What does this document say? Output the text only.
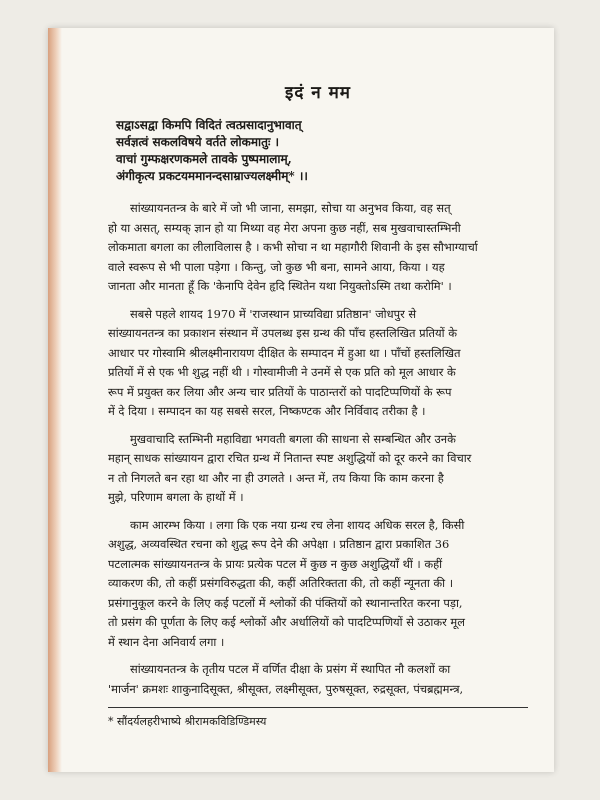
इदं न मम
सद्वाऽसद्वा किमपि विदितं त्वत्प्रसादानुभावात्
सर्वज्ञत्वं सकलविषये वर्तते लोकमातुः ।
वाचां गुम्फक्षरणकमले तावके पुष्पमालाम्,
अंगीकृत्य प्रकटयममानन्दसाम्राज्यलक्ष्मीम्* ।।
सांख्यायनतन्त्र के बारे में जो भी जाना, समझा, सोचा या अनुभव किया, वह सत्
हो या असत्, सम्यक् ज्ञान हो या मिथ्या वह मेरा अपना कुछ नहीं, सब मुखवाचास्तम्भिनी
लोकमाता बगला का लीलाविलास है । कभी सोचा न था महागौरी शिवानी के इस सौभाग्यार्चा
वाले स्वरूप से भी पाला पड़ेगा । किन्तु, जो कुछ भी बना, सामने आया, किया । यह
जानता और मानता हूँ कि 'केनापि देवेन हृदि स्थितेन यथा नियुक्तोऽस्मि तथा करोमि' ।
सबसे पहले शायद 1970 में 'राजस्थान प्राच्यविद्या प्रतिष्ठान' जोधपुर से
सांख्यायनतन्त्र का प्रकाशन संस्थान में उपलब्ध इस ग्रन्थ की पाँच हस्तलिखित प्रतियों के
आधार पर गोस्वामि श्रीलक्ष्मीनारायण दीक्षित के सम्पादन में हुआ था । पाँचों हस्तलिखित
प्रतियों में से एक भी शुद्ध नहीं थी । गोस्वामीजी ने उनमें से एक प्रति को मूल आधार के
रूप में प्रयुक्त कर लिया और अन्य चार प्रतियों के पाठान्तरों को पादटिप्पणियों के रूप
में दे दिया । सम्पादन का यह सबसे सरल, निष्कण्टक और निर्विवाद तरीका है ।
मुखवाचादि स्तम्भिनी महाविद्या भगवती बगला की साधना से सम्बन्धित और उनके
महान् साधक सांख्यायन द्वारा रचित ग्रन्थ में नितान्त स्पष्ट अशुद्धियों को दूर करने का विचार
न तो निगलते बन रहा था और ना ही उगलते । अन्त में, तय किया कि काम करना है
मुझे, परिणाम बगला के हाथों में ।
काम आरम्भ किया । लगा कि एक नया ग्रन्थ रच लेना शायद अधिक सरल है, किसी
अशुद्ध, अव्यवस्थित रचना को शुद्ध रूप देने की अपेक्षा । प्रतिष्ठान द्वारा प्रकाशित 36
पटलात्मक सांख्यायनतन्त्र के प्रायः प्रत्येक पटल में कुछ न कुछ अशुद्धियाँ थीं । कहीं
व्याकरण की, तो कहीं प्रसंगविरुद्धता की, कहीं अतिरिक्तता की, तो कहीं न्यूनता की ।
प्रसंगानुकूल करने के लिए कई पटलों में श्लोकों की पंक्तियों को स्थानान्तरित करना पड़ा,
तो प्रसंग की पूर्णता के लिए कई श्लोकों और अर्धालियों को पादटिप्पणियों से उठाकर मूल
में स्थान देना अनिवार्य लगा ।
सांख्यायनतन्त्र के तृतीय पटल में वर्णित दीक्षा के प्रसंग में स्थापित नौ कलशों का
'मार्जन' क्रमशः शाकुनादिसूक्त, श्रीसूक्त, लक्ष्मीसूक्त, पुरुषसूक्त, रुद्रसूक्त, पंचब्रह्ममन्त्र,
* सौंदर्यलहरीभाष्ये श्रीरामकविडिण्डिमस्य
